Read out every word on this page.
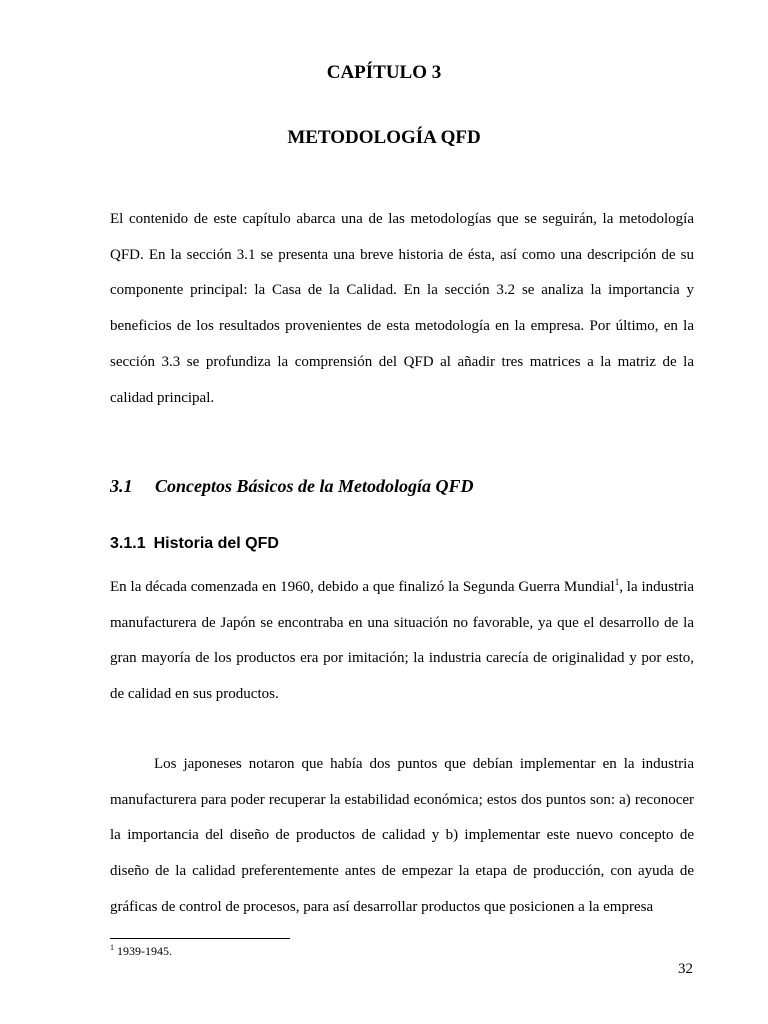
CAPÍTULO 3
METODOLOGÍA QFD

El contenido de este capítulo abarca una de las metodologías que se seguirán, la metodología QFD. En la sección 3.1 se presenta una breve historia de ésta, así como una descripción de su componente principal: la Casa de la Calidad. En la sección 3.2 se analiza la importancia y beneficios de los resultados provenientes de esta metodología en la empresa. Por último, en la sección 3.3 se profundiza la comprensión del QFD al añadir tres matrices a la matriz de la calidad principal.

3.1 Conceptos Básicos de la Metodología QFD
3.1.1 Historia del QFD

En la década comenzada en 1960, debido a que finalizó la Segunda Guerra Mundial$^1$, la industria manufacturera de Japón se encontraba en una situación no favorable, ya que el desarrollo de la gran mayoría de los productos era por imitación; la industria carecía de originalidad y por esto, de calidad en sus productos.

Los japoneses notaron que había dos puntos que debían implementar en la industria manufacturera para poder recuperar la estabilidad económica; estos dos puntos son: a) reconocer la importancia del diseño de productos de calidad y b) implementar este nuevo concepto de diseño de la calidad preferentemente antes de empezar la etapa de producción, con ayuda de gráficas de control de procesos, para así desarrollar productos que posicionen a la empresa

$^1$ 1939-1945.
32
